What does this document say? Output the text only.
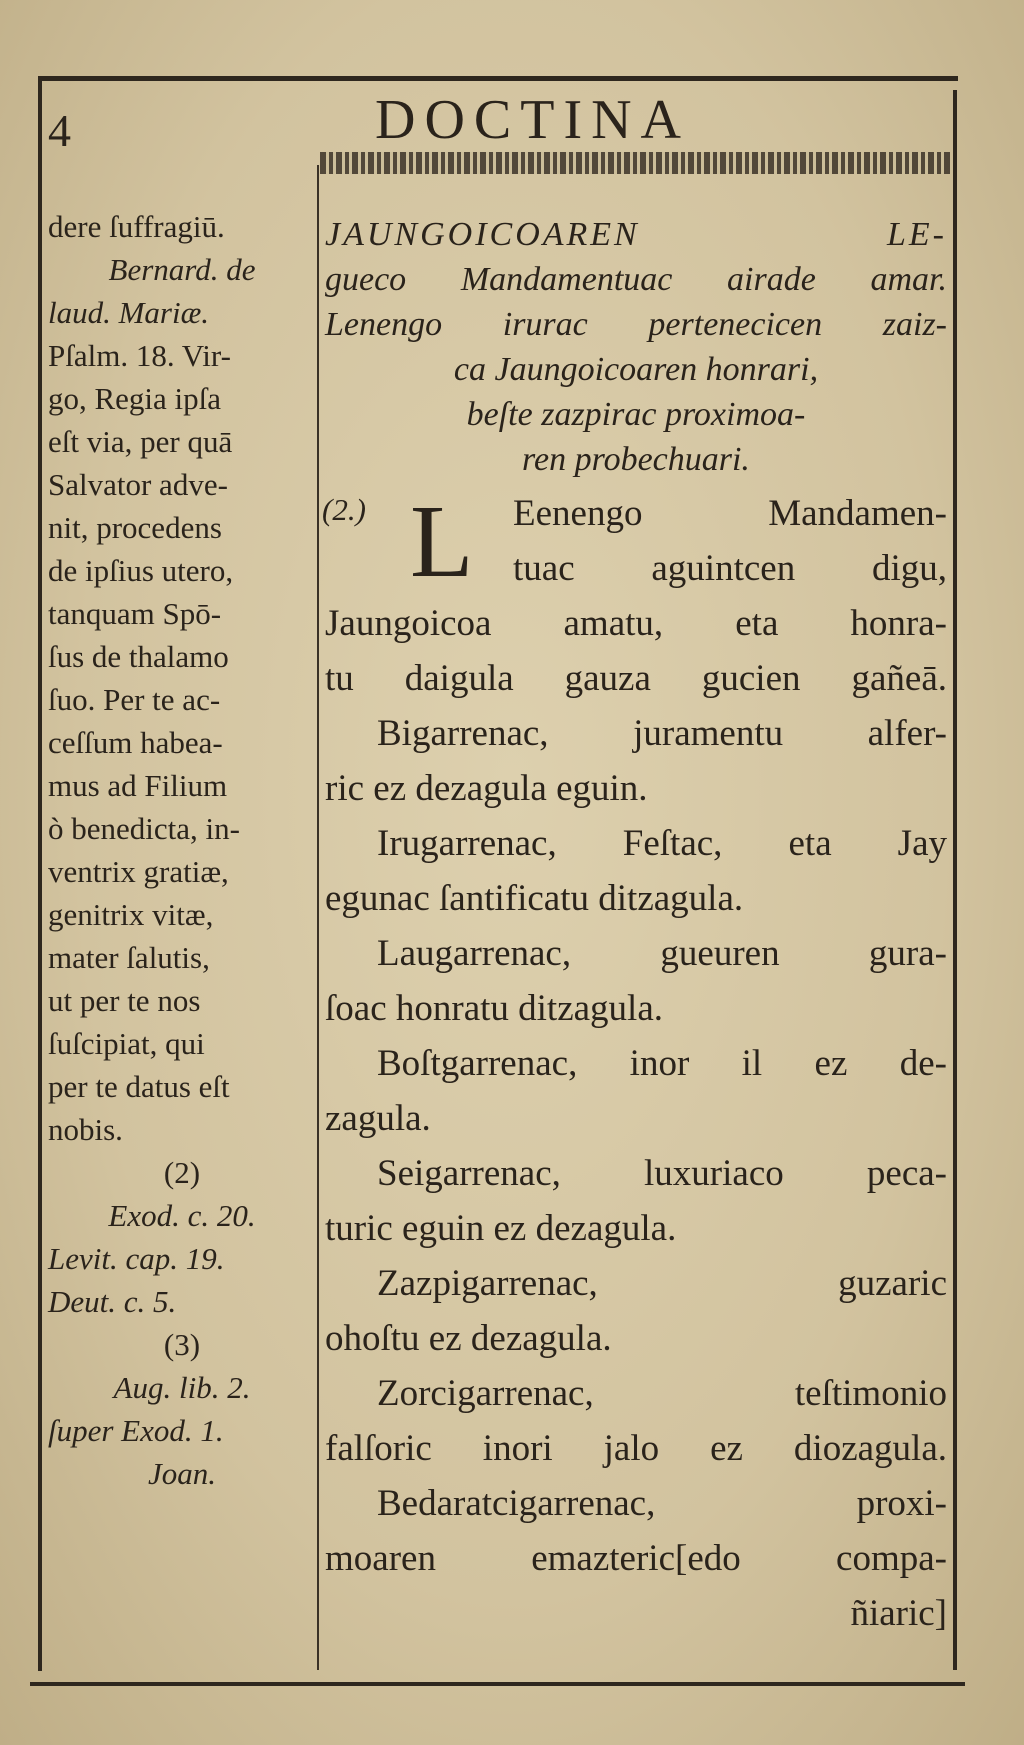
4	DOCTINA
dere ſuffragiū.
Bernard. de
laud. Mariæ.
Pſalm. 18. Vir-
go, Regia ipſa
eſt via, per quā
Salvator adve-
nit, procedens
de ipſius utero,
tanquam Spō-
ſus de thalamo
ſuo. Per te ac-
ceſſum habea-
mus ad Filium
ò benedicta, in-
ventrix gratiæ,
genitrix vitæ,
mater ſalutis,
ut per te nos
ſuſcipiat, qui
per te datus eſt
nobis.
(2)
Exod. c. 20.
Levit. cap. 19.
Deut. c. 5.
(3)
Aug. lib. 2.
ſuper Exod. 1.
Joan.
JAUNGOICOAREN LE-
gueco Mandamentuac airade amar.
Lenengo irurac pertenecicen zaiz-
ca Jaungoicoaren honrari,
beſte zazpirac proximoa-
ren probechuari.
(2.) L	Eenengo Mandamen-
tuac aguintcen digu,
Jaungoicoa amatu, eta honra-
tu daigula gauza gucien gañeā.
Bigarrenac, juramentu alfer-
ric ez dezagula eguin.
Irugarrenac, Feſtac, eta Jay
egunac ſantificatu ditzagula.
Laugarrenac, gueuren gura-
ſoac honratu ditzagula.
Boſtgarrenac, inor il ez de-
zagula.
Seigarrenac, luxuriaco peca-
turic eguin ez dezagula.
Zazpigarrenac, guzaric
ohoſtu ez dezagula.
Zorcigarrenac, teſtimonio
falſoric inori jalo ez diozagula.
Bedaratcigarrenac, proxi-
moaren emazteric[edo compa-
ñiaric]
